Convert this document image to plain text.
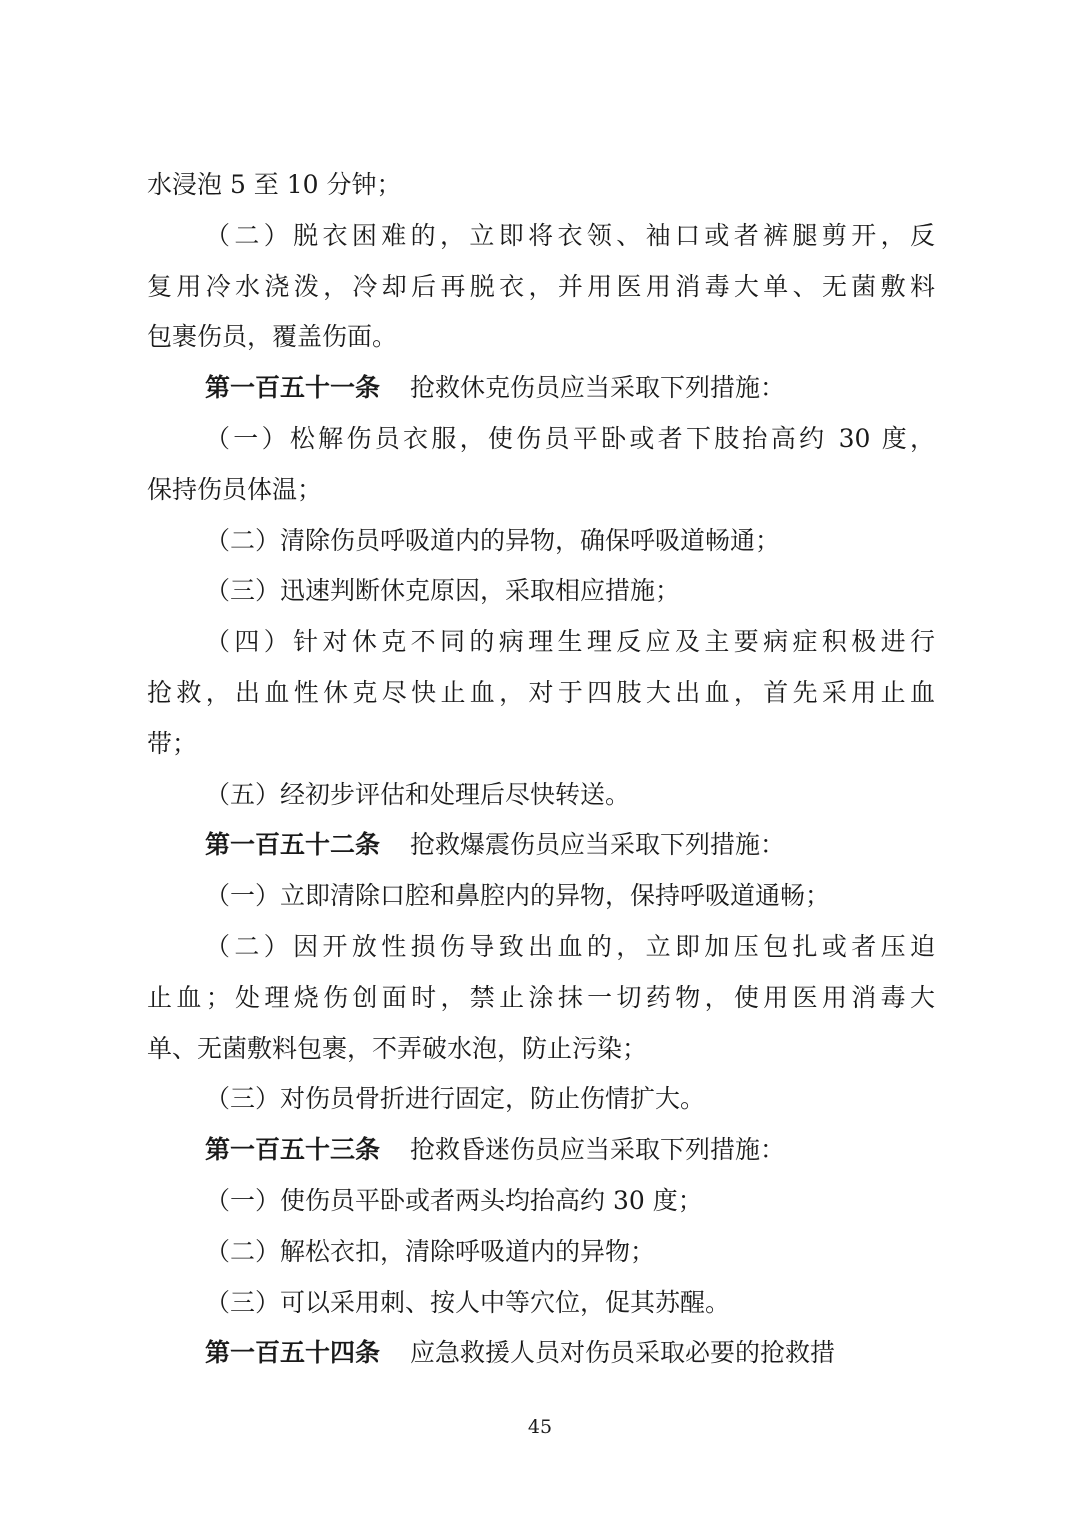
水浸泡 5 至 10 分钟；
（二）脱衣困难的，立即将衣领、袖口或者裤腿剪开，反
复用冷水浇泼，冷却后再脱衣，并用医用消毒大单、无菌敷料
包裹伤员，覆盖伤面。
第一百五十一条 抢救休克伤员应当采取下列措施：
（一）松解伤员衣服，使伤员平卧或者下肢抬高约 30 度，
保持伤员体温；
（二）清除伤员呼吸道内的异物，确保呼吸道畅通；
（三）迅速判断休克原因，采取相应措施；
（四）针对休克不同的病理生理反应及主要病症积极进行
抢救，出血性休克尽快止血，对于四肢大出血，首先采用止血
带；
（五）经初步评估和处理后尽快转送。
第一百五十二条 抢救爆震伤员应当采取下列措施：
（一）立即清除口腔和鼻腔内的异物，保持呼吸道通畅；
（二）因开放性损伤导致出血的，立即加压包扎或者压迫
止血；处理烧伤创面时，禁止涂抹一切药物，使用医用消毒大
单、无菌敷料包裹，不弄破水泡，防止污染；
（三）对伤员骨折进行固定，防止伤情扩大。
第一百五十三条 抢救昏迷伤员应当采取下列措施：
（一）使伤员平卧或者两头均抬高约 30 度；
（二）解松衣扣，清除呼吸道内的异物；
（三）可以采用刺、按人中等穴位，促其苏醒。
第一百五十四条 应急救援人员对伤员采取必要的抢救措
45
